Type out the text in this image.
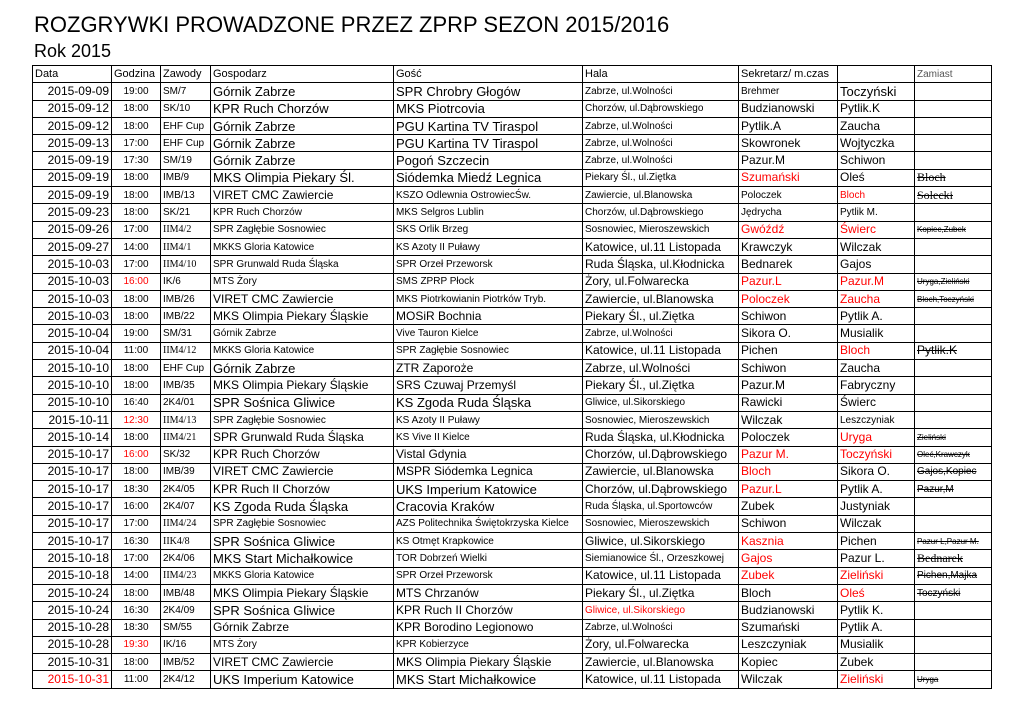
ROZGRYWKI PROWADZONE PRZEZ ZPRP SEZON 2015/2016
Rok 2015
Data	Godzina	Zawody	Gospodarz	Gość	Hala	Sekretarz/ m.czas		Zamiast
2015-09-09	19:00	SM/7	Górnik Zabrze	SPR Chrobry Głogów	Zabrze, ul.Wolności	Brehmer	Toczyński	
2015-09-12	18:00	SK/10	KPR Ruch Chorzów	MKS Piotrcovia	Chorzów, ul.Dąbrowskiego	Budzianowski	Pytlik.K	
2015-09-12	18:00	EHF Cup	Górnik Zabrze	PGU Kartina TV Tiraspol	Zabrze, ul.Wolności	Pytlik.A	Zaucha	
2015-09-13	17:00	EHF Cup	Górnik Zabrze	PGU Kartina TV Tiraspol	Zabrze, ul.Wolności	Skowronek	Wojtyczka	
2015-09-19	17:30	SM/19	Górnik Zabrze	Pogoń Szczecin	Zabrze, ul.Wolności	Pazur.M	Schiwon	
2015-09-19	18:00	IMB/9	MKS Olimpia Piekary Śl.	Siódemka Miedź Legnica	Piekary Śl., ul.Ziętka	Szumański	Oleś	Bloch
2015-09-19	18:00	IMB/13	VIRET CMC Zawiercie	KSZO Odlewnia OstrowiecŚw.	Zawiercie, ul.Blanowska	Poloczek	Bloch	Solecki
2015-09-23	18:00	SK/21	KPR Ruch Chorzów	MKS Selgros Lublin	Chorzów, ul.Dąbrowskiego	Jędrycha	Pytlik M.	
2015-09-26	17:00	IIM4/2	SPR Zagłębie Sosnowiec	SKS Orlik Brzeg	Sosnowiec, Mieroszewskich	Gwóźdź	Świerc	Kopiec,Zubek
2015-09-27	14:00	IIM4/1	MKKS Gloria Katowice	KS Azoty II Puławy	Katowice, ul.11 Listopada	Krawczyk	Wilczak	
2015-10-03	17:00	IIM4/10	SPR Grunwald Ruda Śląska	SPR Orzeł Przeworsk	Ruda Śląska, ul.Kłodnicka	Bednarek	Gajos	
2015-10-03	16:00	IK/6	MTS Żory	SMS ZPRP Płock	Żory, ul.Folwarecka	Pazur.L	Pazur.M	Uryga,Zieliński
2015-10-03	18:00	IMB/26	VIRET CMC Zawiercie	MKS Piotrkowianin Piotrków Tryb.	Zawiercie, ul.Blanowska	Poloczek	Zaucha	Bloch,Toczyński
2015-10-03	18:00	IMB/22	MKS Olimpia Piekary Śląskie	MOSiR Bochnia	Piekary Śl., ul.Ziętka	Schiwon	Pytlik A.	
2015-10-04	19:00	SM/31	Górnik Zabrze	Vive Tauron Kielce	Zabrze, ul.Wolności	Sikora O.	Musialik	
2015-10-04	11:00	IIM4/12	MKKS Gloria Katowice	SPR Zagłębie Sosnowiec	Katowice, ul.11 Listopada	Pichen	Bloch	Pytlik.K
2015-10-10	18:00	EHF Cup	Górnik Zabrze	ZTR Zaporoże	Zabrze, ul.Wolności	Schiwon	Zaucha	
2015-10-10	18:00	IMB/35	MKS Olimpia Piekary Śląskie	SRS Czuwaj Przemyśl	Piekary Śl., ul.Ziętka	Pazur.M	Fabryczny	
2015-10-10	16:40	2K4/01	SPR Sośnica Gliwice	KS Zgoda Ruda Śląska	Gliwice, ul.Sikorskiego	Rawicki	Świerc	
2015-10-11	12:30	IIM4/13	SPR Zagłębie Sosnowiec	KS Azoty II Puławy	Sosnowiec, Mieroszewskich	Wilczak	Leszczyniak	
2015-10-14	18:00	IIM4/21	SPR Grunwald Ruda Śląska	KS Vive II Kielce	Ruda Śląska, ul.Kłodnicka	Poloczek	Uryga	Zieliński
2015-10-17	16:00	SK/32	KPR Ruch Chorzów	Vistal Gdynia	Chorzów, ul.Dąbrowskiego	Pazur M.	Toczyński	Oleć,Krawczyk
2015-10-17	18:00	IMB/39	VIRET CMC Zawiercie	MSPR Siódemka Legnica	Zawiercie, ul.Blanowska	Bloch	Sikora O.	Gajos,Kopiec
2015-10-17	18:30	2K4/05	KPR Ruch II Chorzów	UKS Imperium Katowice	Chorzów, ul.Dąbrowskiego	Pazur.L	Pytlik A.	Pazur,M
2015-10-17	16:00	2K4/07	KS Zgoda Ruda Śląska	Cracovia Kraków	Ruda Śląska, ul.Sportowców	Zubek	Justyniak	
2015-10-17	17:00	IIM4/24	SPR Zagłębie Sosnowiec	AZS Politechnika Świętokrzyska Kielce	Sosnowiec, Mieroszewskich	Schiwon	Wilczak	
2015-10-17	16:30	IIK4/8	SPR Sośnica Gliwice	KS Otmęt Krapkowice	Gliwice, ul.Sikorskiego	Kasznia	Pichen	Pazur L,Pazur M.
2015-10-18	17:00	2K4/06	MKS Start Michałkowice	TOR Dobrzeń Wielki	Siemianowice Śl., Orzeszkowej	Gajos	Pazur L.	Bednarek
2015-10-18	14:00	IIM4/23	MKKS Gloria Katowice	SPR Orzeł Przeworsk	Katowice, ul.11 Listopada	Zubek	Zieliński	Pichen,Majka
2015-10-24	18:00	IMB/48	MKS Olimpia Piekary Śląskie	MTS Chrzanów	Piekary Śl., ul.Ziętka	Bloch	Oleś	Toczyński
2015-10-24	16:30	2K4/09	SPR Sośnica Gliwice	KPR Ruch II Chorzów	Gliwice, ul.Sikorskiego	Budzianowski	Pytlik K.	
2015-10-28	18:30	SM/55	Górnik Zabrze	KPR Borodino Legionowo	Zabrze, ul.Wolności	Szumański	Pytlik A.	
2015-10-28	19:30	IK/16	MTS Żory	KPR Kobierzyce	Żory, ul.Folwarecka	Leszczyniak	Musialik	
2015-10-31	18:00	IMB/52	VIRET CMC Zawiercie	MKS Olimpia Piekary Śląskie	Zawiercie, ul.Blanowska	Kopiec	Zubek	
2015-10-31	11:00	2K4/12	UKS Imperium Katowice	MKS Start Michałkowice	Katowice, ul.11 Listopada	Wilczak	Zieliński	Uryga
